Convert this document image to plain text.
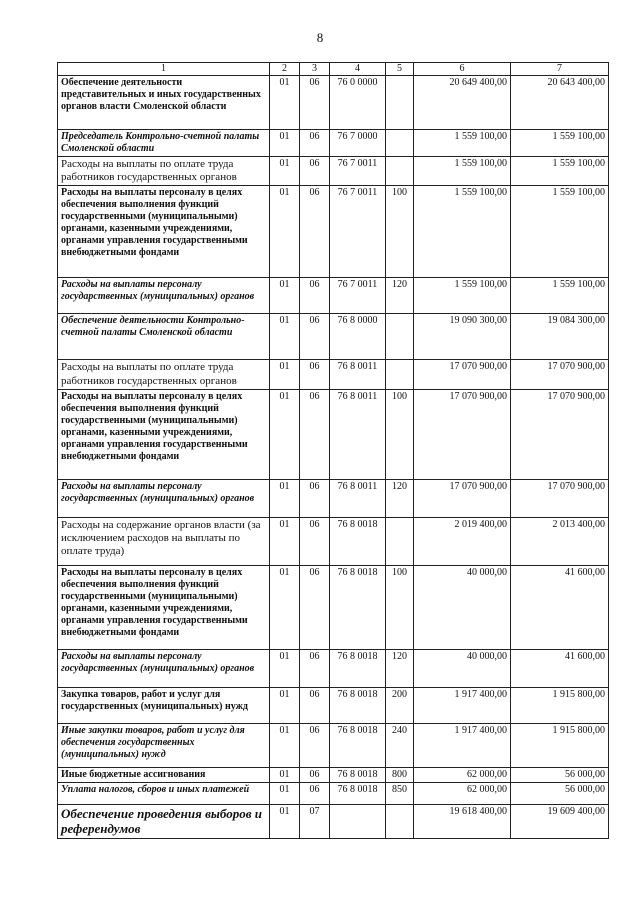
8
1	2	3	4	5	6	7
Обеспечение деятельности представительных и иных государственных органов власти Смоленской области	01	06	76 0 0000		20 649 400,00	20 643 400,00
Председатель Контрольно-счетной палаты Смоленской области	01	06	76 7 0000		1 559 100,00	1 559 100,00
Расходы на выплаты по оплате труда работников государственных органов	01	06	76 7 0011		1 559 100,00	1 559 100,00
Расходы на выплаты персоналу в целях обеспечения выполнения функций государственными (муниципальными) органами, казенными учреждениями, органами управления государственными внебюджетными фондами	01	06	76 7 0011	100	1 559 100,00	1 559 100,00
Расходы на выплаты персоналу государственных (муниципальных) органов	01	06	76 7 0011	120	1 559 100,00	1 559 100,00
Обеспечение деятельности Контрольно-счетной палаты Смоленской области	01	06	76 8 0000		19 090 300,00	19 084 300,00
Расходы на выплаты по оплате труда работников государственных органов	01	06	76 8 0011		17 070 900,00	17 070 900,00
Расходы на выплаты персоналу в целях обеспечения выполнения функций государственными (муниципальными) органами, казенными учреждениями, органами управления государственными внебюджетными фондами	01	06	76 8 0011	100	17 070 900,00	17 070 900,00
Расходы на выплаты персоналу государственных (муниципальных) органов	01	06	76 8 0011	120	17 070 900,00	17 070 900,00
Расходы на содержание органов власти (за исключением расходов на выплаты по оплате труда)	01	06	76 8 0018		2 019 400,00	2 013 400,00
Расходы на выплаты персоналу в целях обеспечения выполнения функций государственными (муниципальными) органами, казенными учреждениями, органами управления государственными внебюджетными фондами	01	06	76 8 0018	100	40 000,00	41 600,00
Расходы на выплаты персоналу государственных (муниципальных) органов	01	06	76 8 0018	120	40 000,00	41 600,00
Закупка товаров, работ и услуг для государственных (муниципальных) нужд	01	06	76 8 0018	200	1 917 400,00	1 915 800,00
Иные закупки товаров, работ и услуг для обеспечения государственных (муниципальных) нужд	01	06	76 8 0018	240	1 917 400,00	1 915 800,00
Иные бюджетные ассигнования	01	06	76 8 0018	800	62 000,00	56 000,00
Уплата налогов, сборов и иных платежей	01	06	76 8 0018	850	62 000,00	56 000,00
Обеспечение проведения выборов и референдумов	01	07			19 618 400,00	19 609 400,00
